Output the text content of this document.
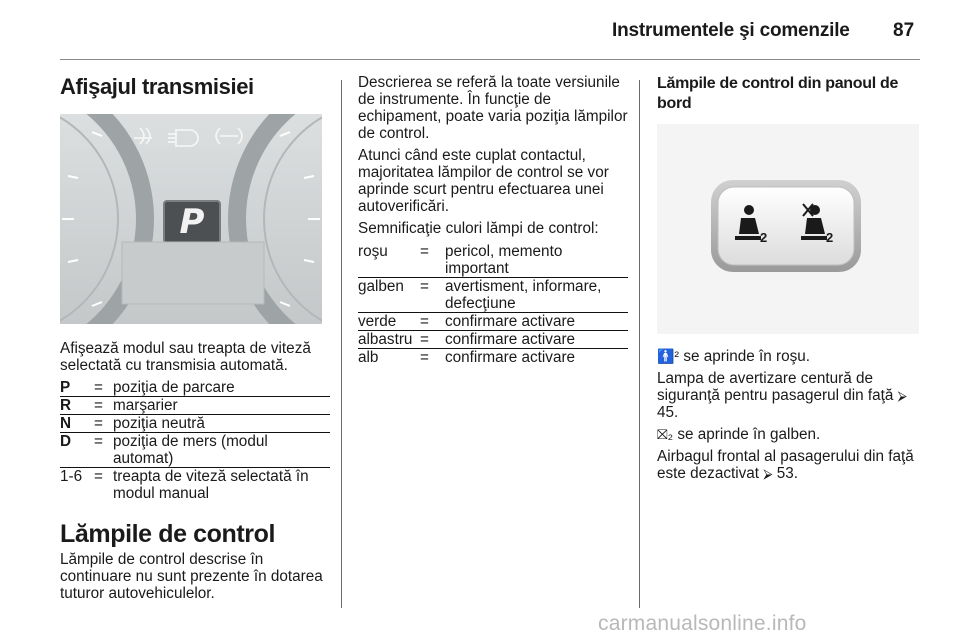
Instrumentele şi comenzile 87
Afişajul transmisiei
P

Afişează modul sau treapta de viteză selectată cu transmisia automată.

P	=	poziţia de parcare
R	=	marşarier
N	=	poziţia neutră
D	=	poziţia de mers (modul automat)
1-6	=	treapta de viteză selectată în modul manual
Lămpile de control

Lămpile de control descrise în continuare nu sunt prezente în dotarea tuturor autovehiculelor.

Descrierea se referă la toate versiunile de instrumente. În funcţie de echipament, poate varia poziţia lămpilor de control.

Atunci când este cuplat contactul, majoritatea lămpilor de control se vor aprinde scurt pentru efectuarea unei autoverificări.

Semnificaţie culori lămpi de control:

roşu	=	pericol, memento important
galben	=	avertisment, informare, defecţiune
verde	=	confirmare activare
albastru	=	confirmare activare
alb	=	confirmare activare
Lămpile de control din panoul de bord
2	2

🚹² se aprinde în roşu.

Lampa de avertizare centură de siguranţă pentru pasagerul din faţă ⮚ 45.

⛝₂ se aprinde în galben.

Airbagul frontal al pasagerului din faţă este dezactivat ⮚ 53.

carmanualsonline.info
